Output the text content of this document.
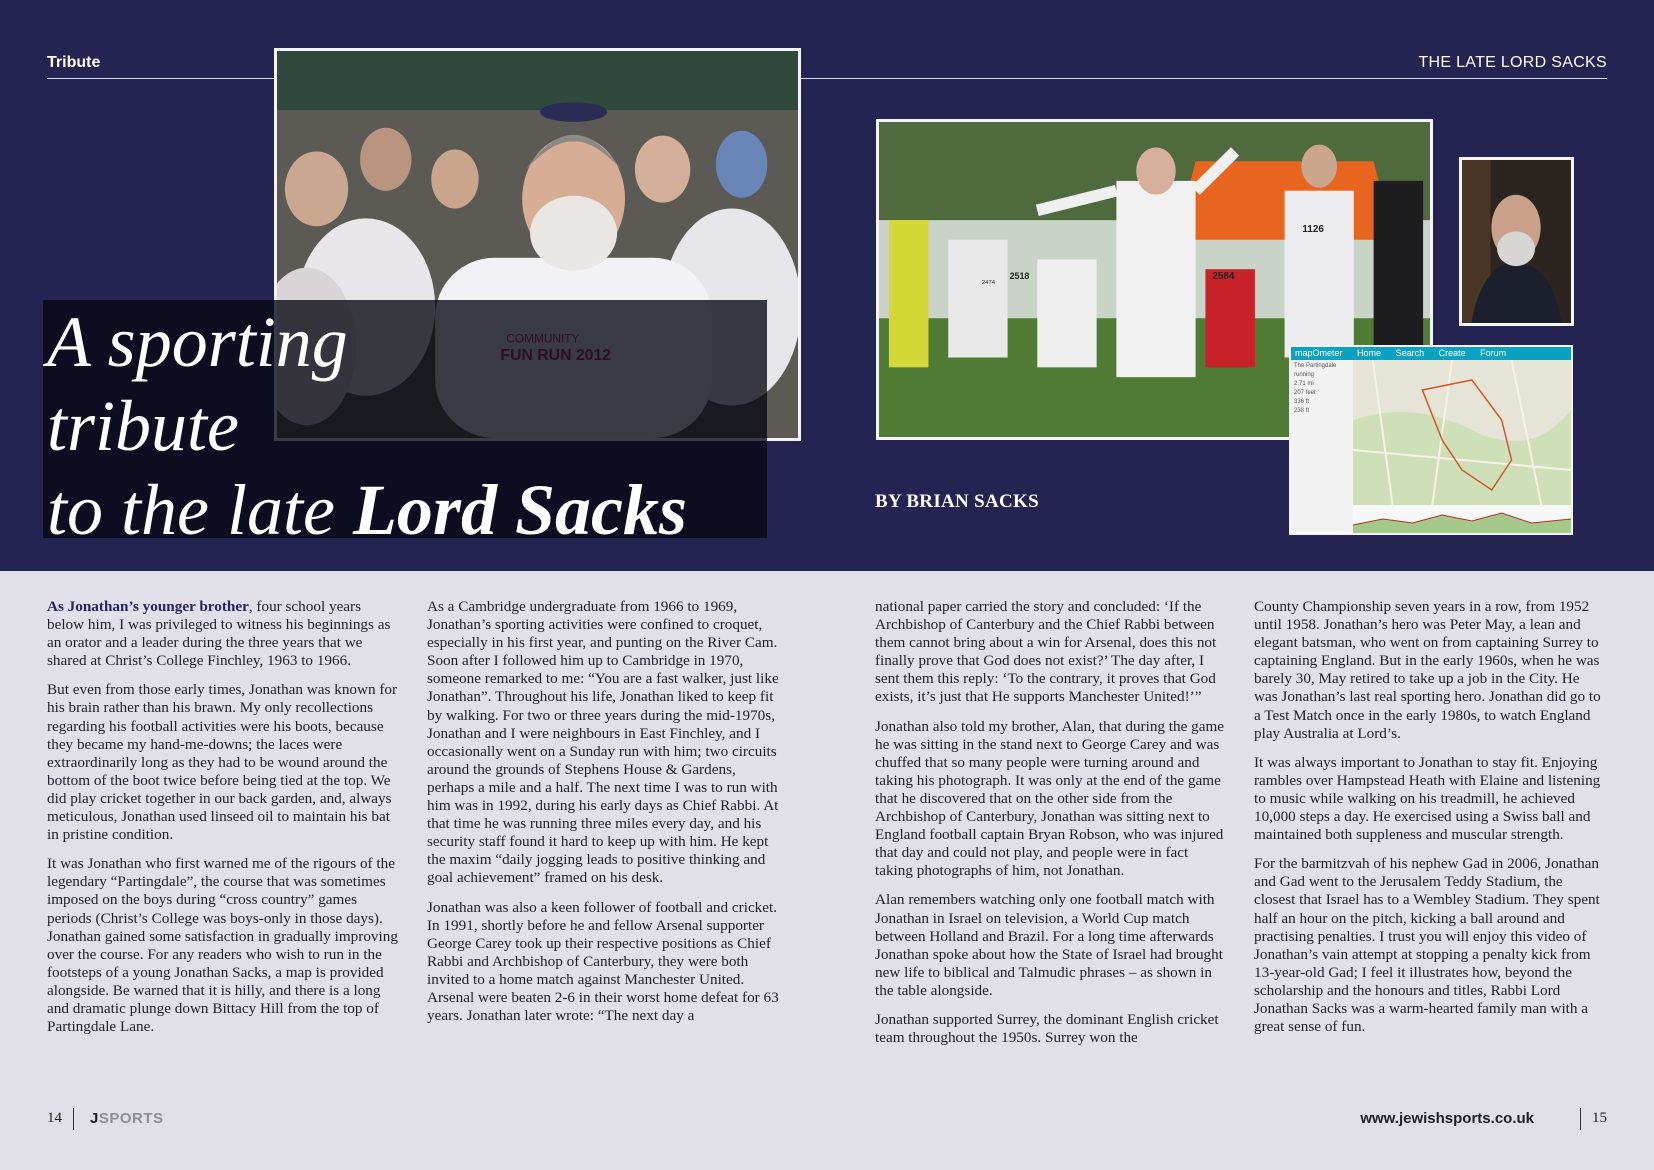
Tribute	THE LATE LORD SACKS
1126
2584
2518
2474
mapOmeter Home Search Create Forum
The Partingdale
running
2.71 mi
207 feet
336 ft
238 ft
A sporting
tribute
to the late Lord Sacks	BY BRIAN SACKS

As Jonathan’s younger brother, four school years below him, I was privileged to witness his beginnings as an orator and a leader during the three years that we shared at Christ’s College Finchley, 1963 to 1966.

But even from those early times, Jonathan was known for his brain rather than his brawn. My only recollections regarding his football activities were his boots, because they became my hand-me-downs; the laces were extraordinarily long as they had to be wound around the bottom of the boot twice before being tied at the top. We did play cricket together in our back garden, and, always meticulous, Jonathan used linseed oil to maintain his bat in pristine condition.

It was Jonathan who first warned me of the rigours of the legendary “Partingdale”, the course that was sometimes imposed on the boys during “cross country” games periods (Christ’s College was boys-only in those days). Jonathan gained some satisfaction in gradually improving over the course. For any readers who wish to run in the footsteps of a young Jonathan Sacks, a map is provided alongside. Be warned that it is hilly, and there is a long and dramatic plunge down Bittacy Hill from the top of Partingdale Lane.

As a Cambridge undergraduate from 1966 to 1969, Jonathan’s sporting activities were confined to croquet, especially in his first year, and punting on the River Cam. Soon after I followed him up to Cambridge in 1970, someone remarked to me: “You are a fast walker, just like Jonathan”. Throughout his life, Jonathan liked to keep fit by walking. For two or three years during the mid-1970s, Jonathan and I were neighbours in East Finchley, and I occasionally went on a Sunday run with him; two circuits around the grounds of Stephens House & Gardens, perhaps a mile and a half. The next time I was to run with him was in 1992, during his early days as Chief Rabbi. At that time he was running three miles every day, and his security staff found it hard to keep up with him. He kept the maxim “daily jogging leads to positive thinking and goal achievement” framed on his desk.

Jonathan was also a keen follower of football and cricket. In 1991, shortly before he and fellow Arsenal supporter George Carey took up their respective positions as Chief Rabbi and Archbishop of Canterbury, they were both invited to a home match against Manchester United. Arsenal were beaten 2-6 in their worst home defeat for 63 years. Jonathan later wrote: “The next day a

national paper carried the story and concluded: ‘If the Archbishop of Canterbury and the Chief Rabbi between them cannot bring about a win for Arsenal, does this not finally prove that God does not exist?’ The day after, I sent them this reply: ‘To the contrary, it proves that God exists, it’s just that He supports Manchester United!’”

Jonathan also told my brother, Alan, that during the game he was sitting in the stand next to George Carey and was chuffed that so many people were turning around and taking his photograph. It was only at the end of the game that he discovered that on the other side from the Archbishop of Canterbury, Jonathan was sitting next to England football captain Bryan Robson, who was injured that day and could not play, and people were in fact taking photographs of him, not Jonathan.

Alan remembers watching only one football match with Jonathan in Israel on television, a World Cup match between Holland and Brazil. For a long time afterwards Jonathan spoke about how the State of Israel had brought new life to biblical and Talmudic phrases – as shown in the table alongside.

Jonathan supported Surrey, the dominant English cricket team throughout the 1950s. Surrey won the

County Championship seven years in a row, from 1952 until 1958. Jonathan’s hero was Peter May, a lean and elegant batsman, who went on from captaining Surrey to captaining England. But in the early 1960s, when he was barely 30, May retired to take up a job in the City. He was Jonathan’s last real sporting hero. Jonathan did go to a Test Match once in the early 1980s, to watch England play Australia at Lord’s.

It was always important to Jonathan to stay fit. Enjoying rambles over Hampstead Heath with Elaine and listening to music while walking on his treadmill, he achieved 10,000 steps a day. He exercised using a Swiss ball and maintained both suppleness and muscular strength.

For the barmitzvah of his nephew Gad in 2006, Jonathan and Gad went to the Jerusalem Teddy Stadium, the closest that Israel has to a Wembley Stadium. They spent half an hour on the pitch, kicking a ball around and practising penalties. I trust you will enjoy this video of Jonathan’s vain attempt at stopping a penalty kick from 13-year-old Gad; I feel it illustrates how, beyond the scholarship and the honours and titles, Rabbi Lord Jonathan Sacks was a warm-hearted family man with a great sense of fun.

14 JSPORTS	www.jewishsports.co.uk	15
